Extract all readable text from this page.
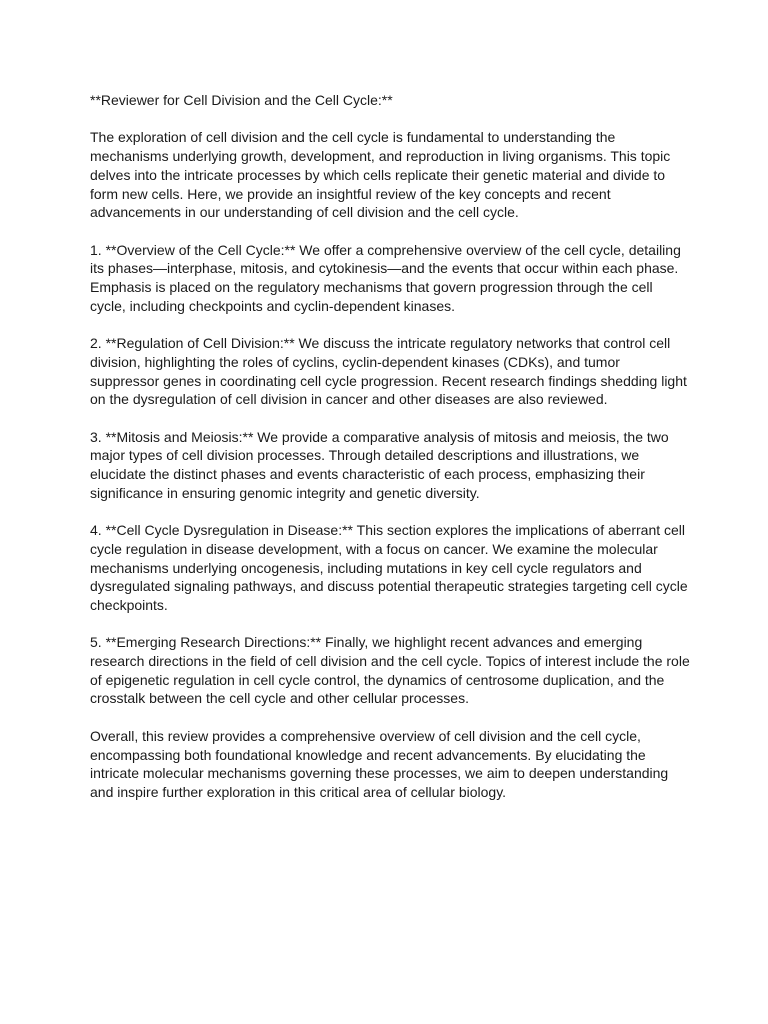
**Reviewer for Cell Division and the Cell Cycle:**

The exploration of cell division and the cell cycle is fundamental to understanding the mechanisms underlying growth, development, and reproduction in living organisms. This topic delves into the intricate processes by which cells replicate their genetic material and divide to form new cells. Here, we provide an insightful review of the key concepts and recent advancements in our understanding of cell division and the cell cycle.

1. **Overview of the Cell Cycle:** We offer a comprehensive overview of the cell cycle, detailing its phases—interphase, mitosis, and cytokinesis—and the events that occur within each phase. Emphasis is placed on the regulatory mechanisms that govern progression through the cell cycle, including checkpoints and cyclin-dependent kinases.

2. **Regulation of Cell Division:** We discuss the intricate regulatory networks that control cell division, highlighting the roles of cyclins, cyclin-dependent kinases (CDKs), and tumor suppressor genes in coordinating cell cycle progression. Recent research findings shedding light on the dysregulation of cell division in cancer and other diseases are also reviewed.

3. **Mitosis and Meiosis:** We provide a comparative analysis of mitosis and meiosis, the two major types of cell division processes. Through detailed descriptions and illustrations, we elucidate the distinct phases and events characteristic of each process, emphasizing their significance in ensuring genomic integrity and genetic diversity.

4. **Cell Cycle Dysregulation in Disease:** This section explores the implications of aberrant cell cycle regulation in disease development, with a focus on cancer. We examine the molecular mechanisms underlying oncogenesis, including mutations in key cell cycle regulators and dysregulated signaling pathways, and discuss potential therapeutic strategies targeting cell cycle checkpoints.

5. **Emerging Research Directions:** Finally, we highlight recent advances and emerging research directions in the field of cell division and the cell cycle. Topics of interest include the role of epigenetic regulation in cell cycle control, the dynamics of centrosome duplication, and the crosstalk between the cell cycle and other cellular processes.

Overall, this review provides a comprehensive overview of cell division and the cell cycle, encompassing both foundational knowledge and recent advancements. By elucidating the intricate molecular mechanisms governing these processes, we aim to deepen understanding and inspire further exploration in this critical area of cellular biology.
